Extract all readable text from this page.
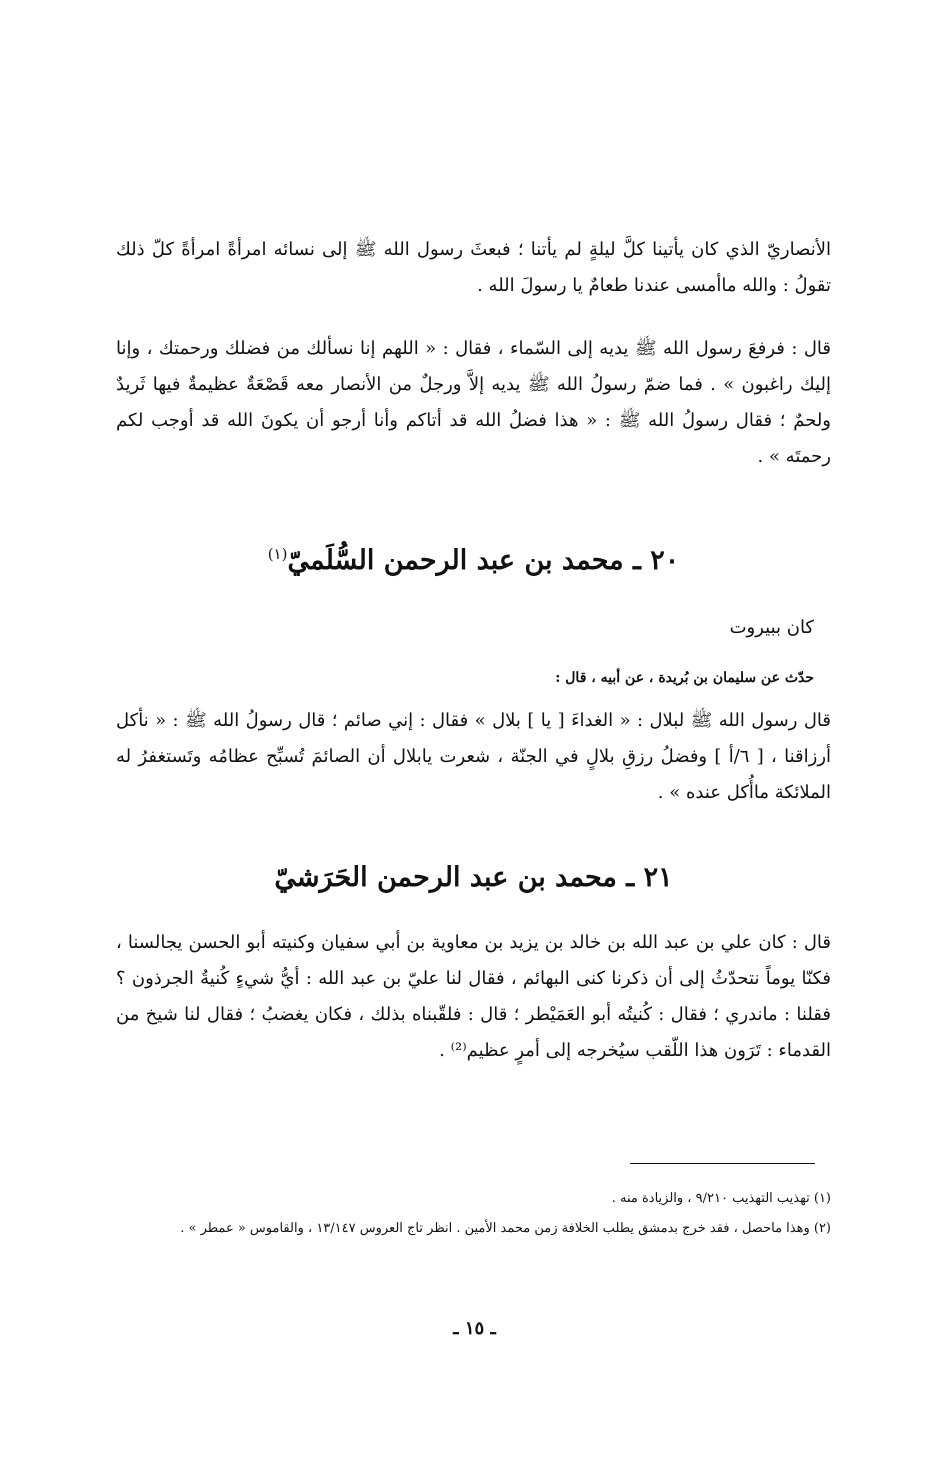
الأنصاريّ الذي كان يأتينا كلَّ ليلةٍ لم يأتنا ؛ فبعثَ رسول الله ﷺ إلى نسائه امرأةً امرأةً كلّ ذلك تقولُ : والله ماأمسى عندنا طعامٌ يا رسولَ الله .

قال : فرفعَ رسول الله ﷺ يديه إلى السّماء ، فقال : « اللهم إنا نسألك من فضلك ورحمتك ، وإنا إليك راغبون » . فما ضمّ رسولُ الله ﷺ يديه إلاَّ ورجلٌ من الأنصار معه قَصْعَةٌ عظيمةٌ فيها ثَريدٌ ولحمٌ ؛ فقال رسولُ الله ﷺ : « هذا فضلُ الله قد أتاكم وأنا أرجو أن يكونَ الله قد أوجب لكم رحمتَه » .

٢٠ ـ محمد بن عبد الرحمن السُّلَميّ$^{(١)}$

كان ببيروت

حدّث عن سليمان بن بُريدة ، عن أبيه ، قال :

قال رسول الله ﷺ لبلال : « الغداءَ [ يا ] بلال » فقال : إني صائم ؛ قال رسولُ الله ﷺ : « نأكل أرزاقنا ، [ ٦/أ ] وفضلُ رزقِ بلالٍ في الجنّة ، شعرت يابلال أن الصائمَ تُسبِّح عظامُه وتَستغفرُ له الملائكة ماأُكل عنده » .

٢١ ـ محمد بن عبد الرحمن الحَرَشيّ

قال : كان علي بن عبد الله بن خالد بن يزيد بن معاوية بن أبي سفيان وكنيته أبو الحسن يجالسنا ، فكنّا يوماً نتحدّثُ إلى أن ذكرنا كنى البهائم ، فقال لنا عليّ بن عبد الله : أيُّ شيءٍ كُنيةُ الجرذون ؟ فقلنا : ماندري ؛ فقال : كُنيتُه أبو العَمَيْطر ؛ قال : فلقّبناه بذلك ، فكان يغضبُ ؛ فقال لنا شيخ من القدماء : تَرَون هذا اللّقب سيُخرجه إلى أمرٍ عظيم⁽²⁾ .

(١) تهذيب التهذيب ٩/٢١٠ ، والزيادة منه .

(٢) وهذا ماحصل ، فقد خرج بدمشق يطلب الخلافة زمن محمد الأمين . انظر تاج العروس ١٣/١٤٧ ، والقاموس « عمطر » .

ـ ١٥ ـ
